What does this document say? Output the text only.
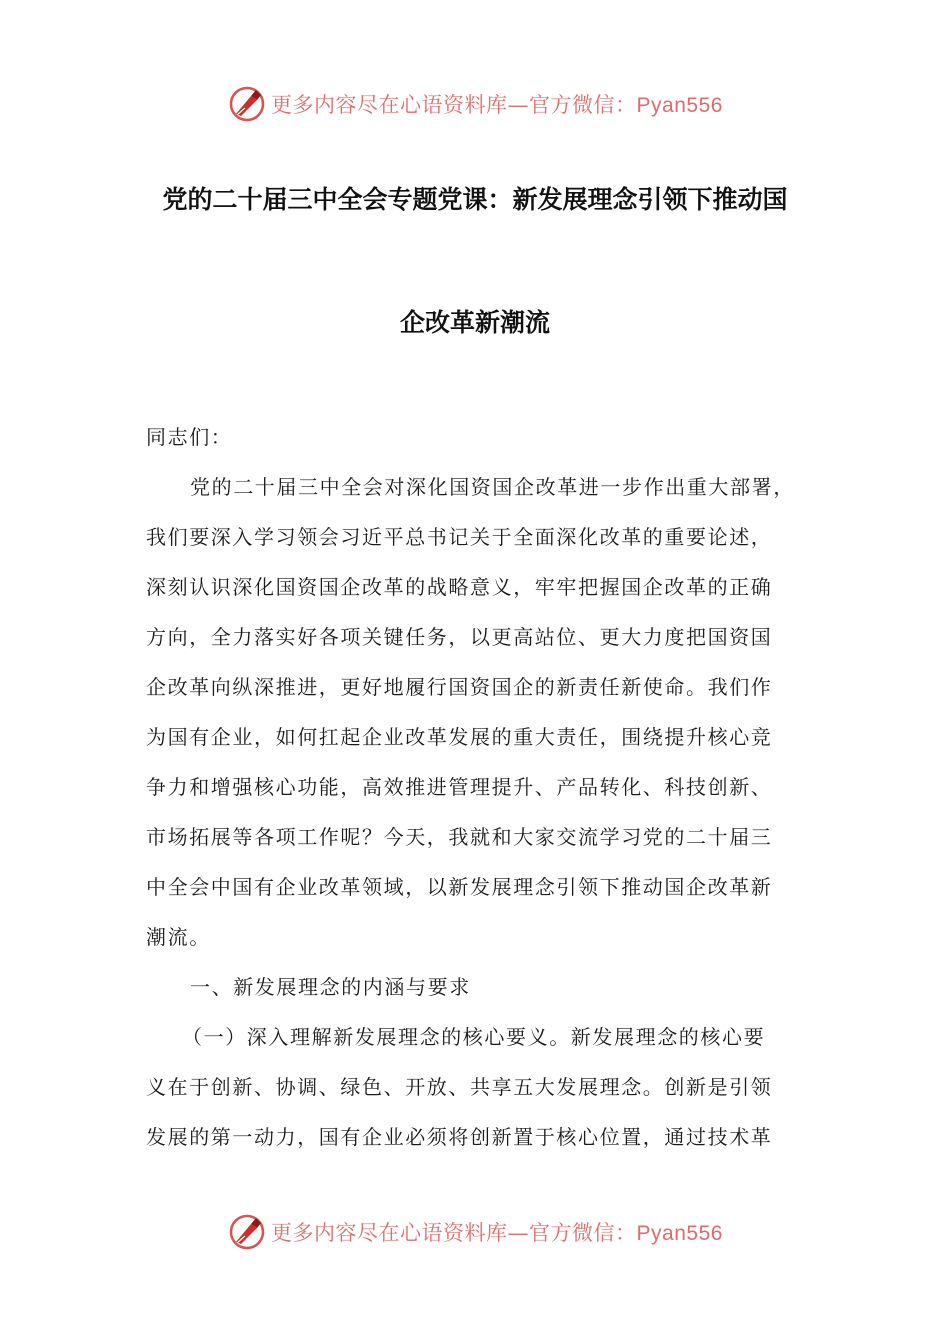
更多内容尽在心语资料库—官方微信：Pyan556
党的二十届三中全会专题党课：新发展理念引领下推动国
企改革新潮流
同志们：
党的二十届三中全会对深化国资国企改革进一步作出重大部署，
我们要深入学习领会习近平总书记关于全面深化改革的重要论述，
深刻认识深化国资国企改革的战略意义，牢牢把握国企改革的正确
方向，全力落实好各项关键任务，以更高站位、更大力度把国资国
企改革向纵深推进，更好地履行国资国企的新责任新使命。我们作
为国有企业，如何扛起企业改革发展的重大责任，围绕提升核心竞
争力和增强核心功能，高效推进管理提升、产品转化、科技创新、
市场拓展等各项工作呢？今天，我就和大家交流学习党的二十届三
中全会中国有企业改革领域，以新发展理念引领下推动国企改革新
潮流。
一、新发展理念的内涵与要求
（一）深入理解新发展理念的核心要义。新发展理念的核心要
义在于创新、协调、绿色、开放、共享五大发展理念。创新是引领
发展的第一动力，国有企业必须将创新置于核心位置，通过技术革
更多内容尽在心语资料库—官方微信：Pyan556
